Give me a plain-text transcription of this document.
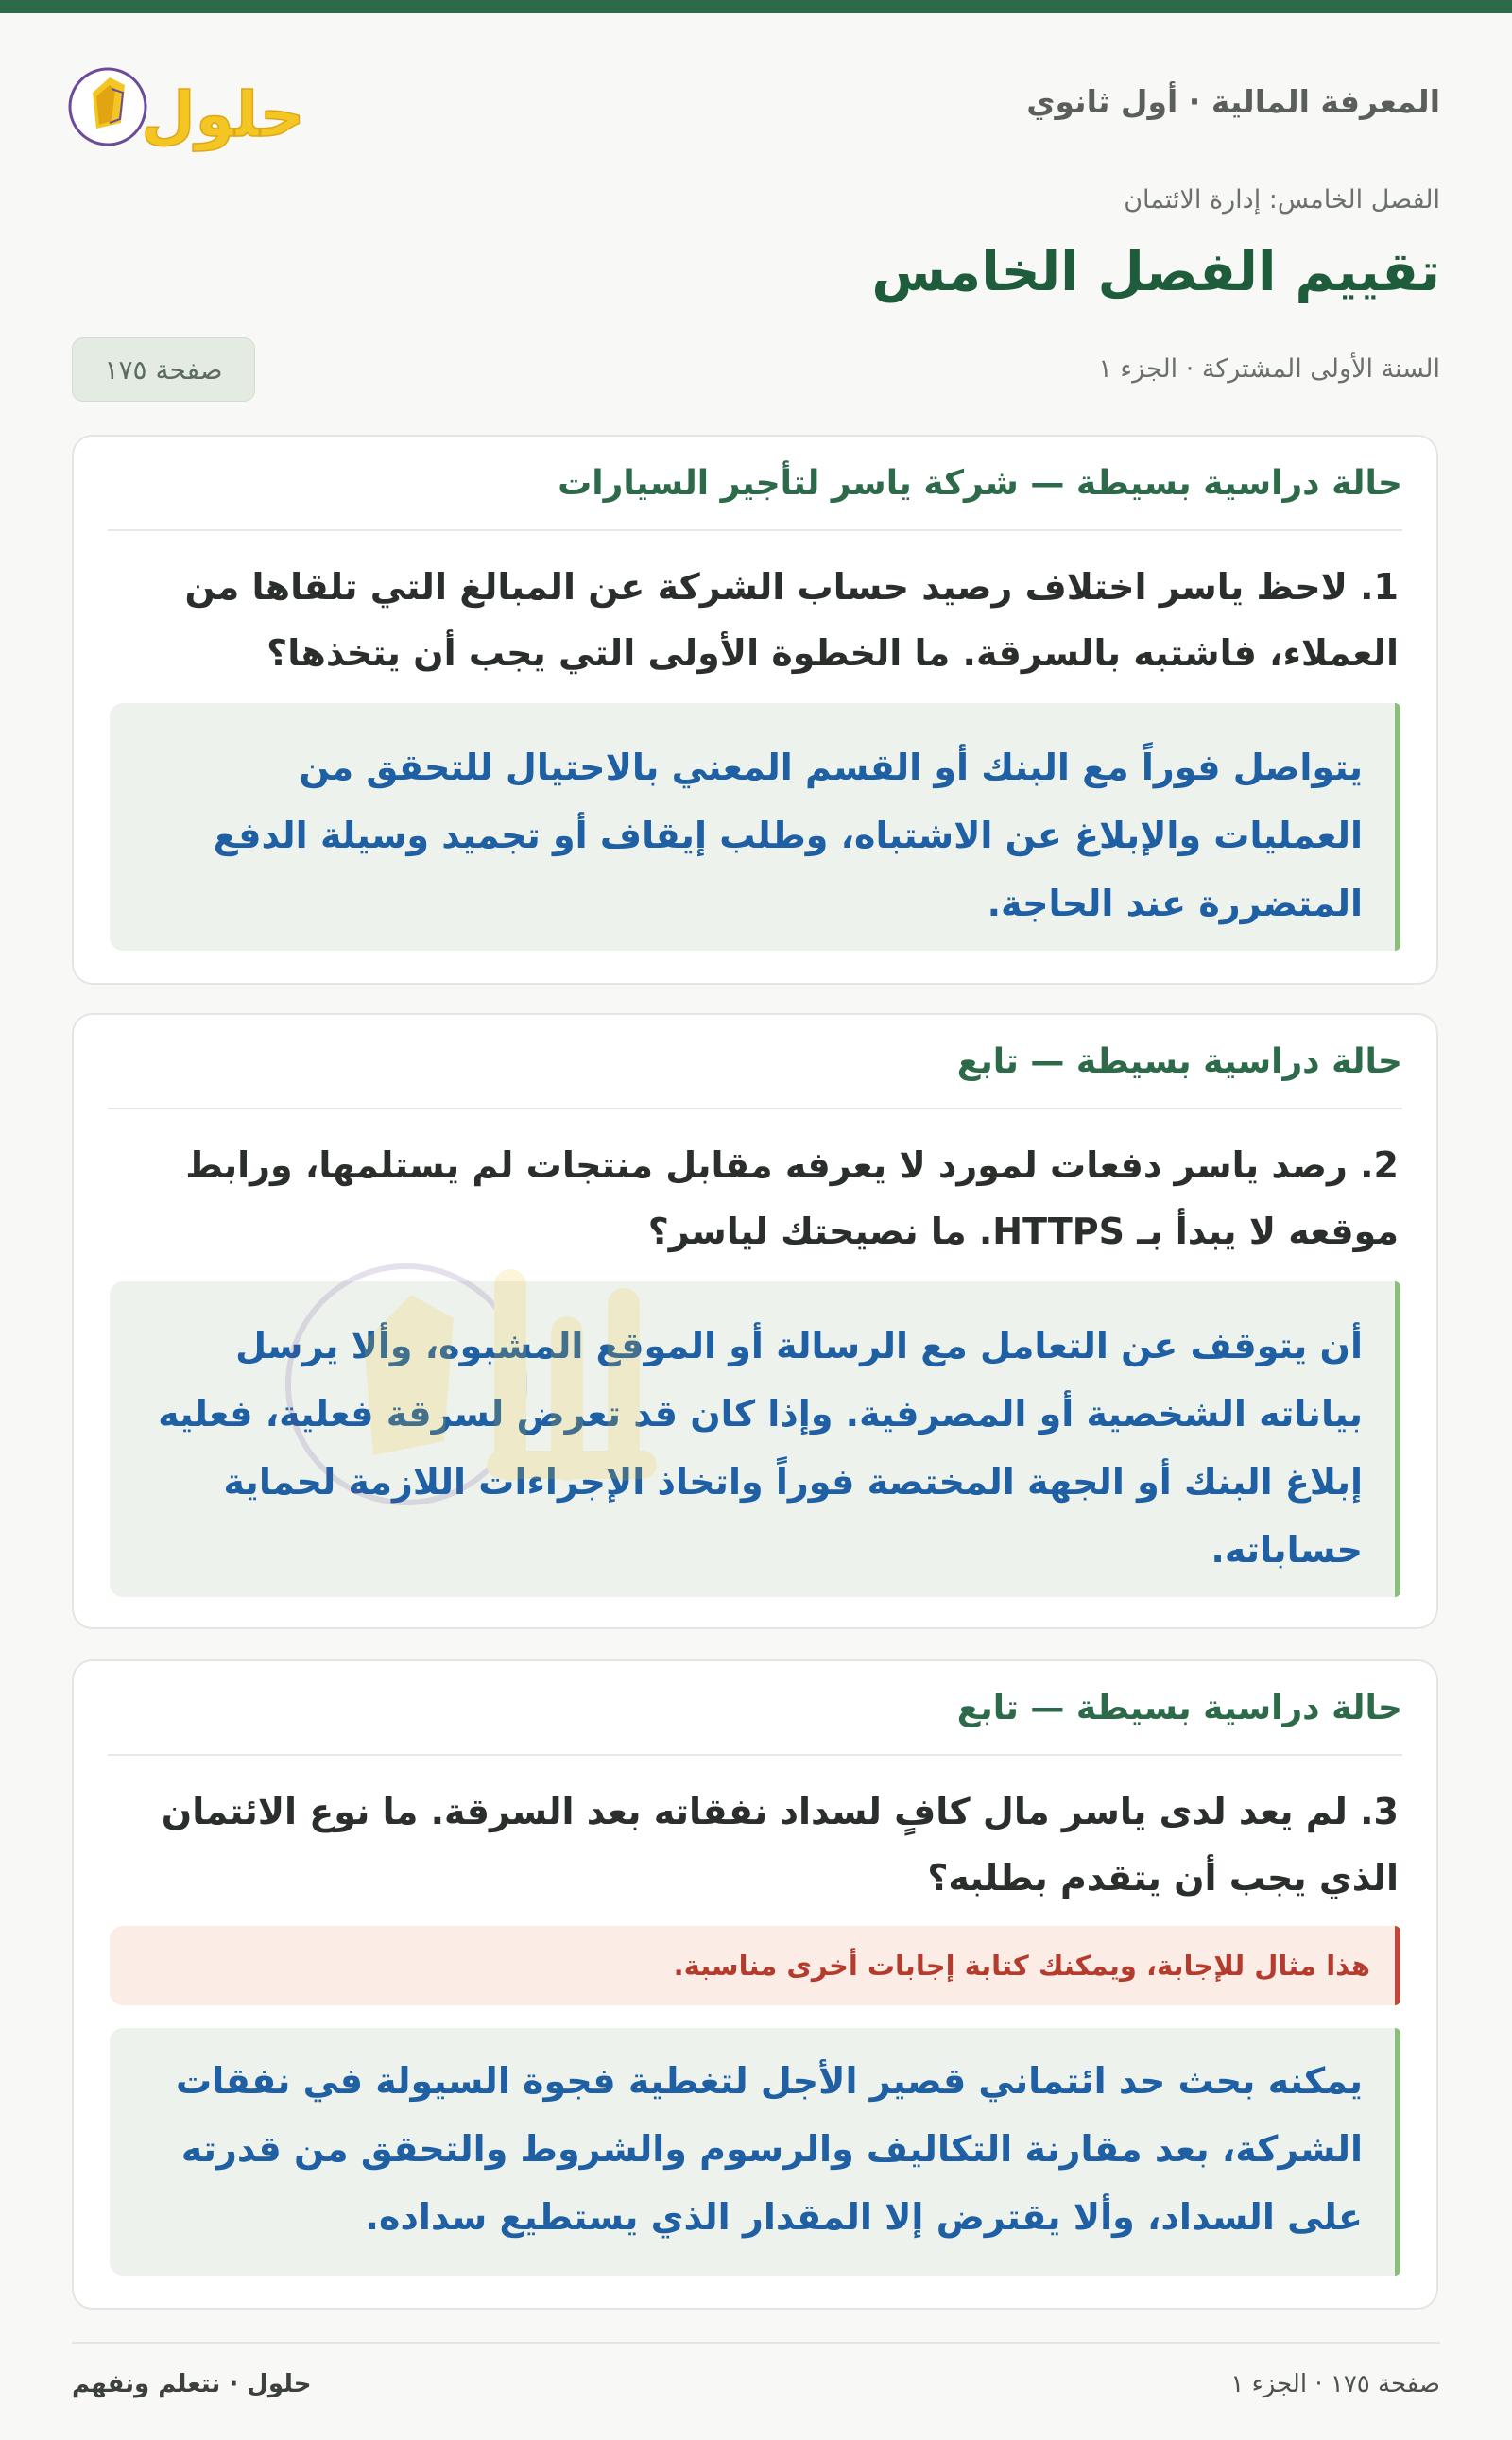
حلول	المعرفة المالية · أول ثانوي
الفصل الخامس: إدارة الائتمان
تقييم الفصل الخامس
السنة الأولى المشتركة · الجزء ١
صفحة ١٧٥
حالة دراسية بسيطة — شركة ياسر لتأجير السيارات

1. لاحظ ياسر اختلاف رصيد حساب الشركة عن المبالغ التي تلقاها من العملاء، فاشتبه بالسرقة. ما الخطوة الأولى التي يجب أن يتخذها؟

يتواصل فوراً مع البنك أو القسم المعني بالاحتيال للتحقق من العمليات والإبلاغ عن الاشتباه، وطلب إيقاف أو تجميد وسيلة الدفع المتضررة عند الحاجة.
حالة دراسية بسيطة — تابع

2. رصد ياسر دفعات لمورد لا يعرفه مقابل منتجات لم يستلمها، ورابط موقعه لا يبدأ بـ HTTPS. ما نصيحتك لياسر؟

أن يتوقف عن التعامل مع الرسالة أو الموقع المشبوه، وألا يرسل بياناته الشخصية أو المصرفية. وإذا كان قد تعرض لسرقة فعلية، فعليه إبلاغ البنك أو الجهة المختصة فوراً واتخاذ الإجراءات اللازمة لحماية حساباته.
حالة دراسية بسيطة — تابع

3. لم يعد لدى ياسر مال كافٍ لسداد نفقاته بعد السرقة. ما نوع الائتمان الذي يجب أن يتقدم بطلبه؟

هذا مثال للإجابة، ويمكنك كتابة إجابات أخرى مناسبة.
يمكنه بحث حد ائتماني قصير الأجل لتغطية فجوة السيولة في نفقات الشركة، بعد مقارنة التكاليف والرسوم والشروط والتحقق من قدرته على السداد، وألا يقترض إلا المقدار الذي يستطيع سداده.
صفحة ١٧٥ · الجزء ١
حلول · نتعلم ونفهم
